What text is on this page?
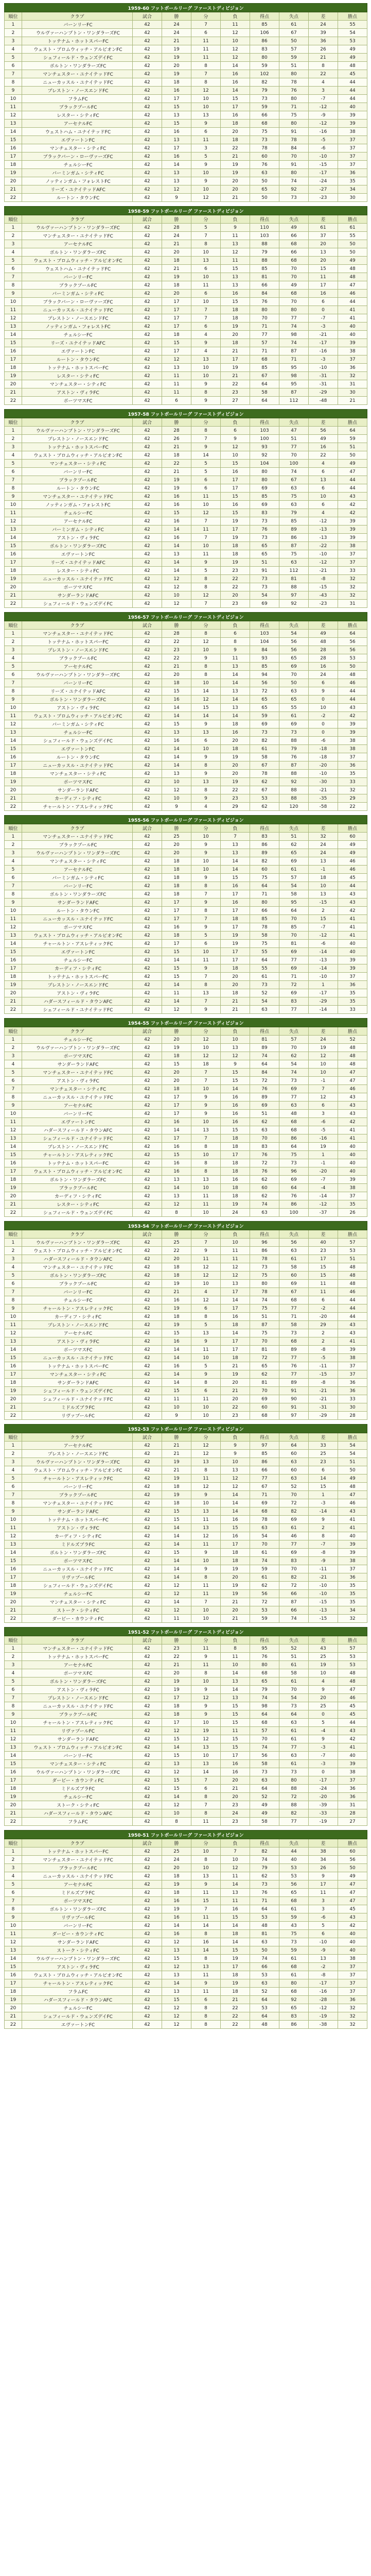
1959-60 フットボールリーグ ファーストディビジョン									
順位	クラブ	試合	勝	分	負	得点	失点	差	勝点
1	バーンリーFC	42	24	7	11	85	61	24	55
2	ウルヴァーハンプトン・ワンダラーズFC	42	24	6	12	106	67	39	54
3	トッテナム・ホットスパーFC	42	21	11	10	86	50	36	53
4	ウェスト・ブロムウィッチ・アルビオンFC	42	19	11	12	83	57	26	49
5	シェフィールド・ウェンズデイFC	42	19	11	12	80	59	21	49
6	ボルトン・ワンダラーズFC	42	20	8	14	59	51	8	48
7	マンチェスター・ユナイテッドFC	42	19	7	16	102	80	22	45
8	ニューカッスル・ユナイテッドFC	42	18	8	16	82	78	4	44
9	プレストン・ノースエンドFC	42	16	12	14	79	76	3	44
10	フラムFC	42	17	10	15	73	80	-7	44
11	ブラックプールFC	42	15	10	17	59	71	-12	40
12	レスター・シティFC	42	13	13	16	66	75	-9	39
13	アーセナルFC	42	15	9	18	68	80	-12	39
14	ウェストハム・ユナイテッドFC	42	16	6	20	75	91	-16	38
15	エヴァートンFC	42	13	11	18	73	78	-5	37
16	マンチェスター・シティFC	42	17	3	22	78	84	-6	37
17	ブラックバーン・ローヴァーズFC	42	16	5	21	60	70	-10	37
18	チェルシーFC	42	14	9	19	76	91	-15	37
19	バーミンガム・シティFC	42	13	10	19	63	80	-17	36
20	ノッティンガム・フォレストFC	42	13	9	20	50	74	-24	35
21	リーズ・ユナイテッドAFC	42	12	10	20	65	92	-27	34
22	ルートン・タウンFC	42	9	12	21	50	73	-23	30
1958-59 フットボールリーグ ファーストディビジョン									
順位	クラブ	試合	勝	分	負	得点	失点	差	勝点
1	ウルヴァーハンプトン・ワンダラーズFC	42	28	5	9	110	49	61	61
2	マンチェスター・ユナイテッドFC	42	24	7	11	103	66	37	55
3	アーセナルFC	42	21	8	13	88	68	20	50
4	ボルトン・ワンダラーズFC	42	20	10	12	79	66	13	50
5	ウェスト・ブロムウィッチ・アルビオンFC	42	18	13	11	88	68	20	49
6	ウェストハム・ユナイテッドFC	42	21	6	15	85	70	15	48
7	バーンリーFC	42	19	10	13	81	70	11	48
8	ブラックプールFC	42	18	11	13	66	49	17	47
9	バーミンガム・シティFC	42	20	6	16	84	68	16	46
10	ブラックバーン・ローヴァーズFC	42	17	10	15	76	70	6	44
11	ニューカッスル・ユナイテッドFC	42	17	7	18	80	80	0	41
12	プレストン・ノースエンドFC	42	17	7	18	70	77	-7	41
13	ノッティンガム・フォレストFC	42	17	6	19	71	74	-3	40
14	チェルシーFC	42	18	4	20	77	98	-21	40
15	リーズ・ユナイテッドAFC	42	15	9	18	57	74	-17	39
16	エヴァートンFC	42	17	4	21	71	87	-16	38
17	ルートン・タウンFC	42	12	13	17	68	71	-3	37
18	トッテナム・ホットスパーFC	42	13	10	19	85	95	-10	36
19	レスター・シティFC	42	11	10	21	67	98	-31	32
20	マンチェスター・シティFC	42	11	9	22	64	95	-31	31
21	アストン・ヴィラFC	42	11	8	23	58	87	-29	30
22	ポーツマスFC	42	6	9	27	64	112	-48	21
1957-58 フットボールリーグ ファーストディビジョン									
順位	クラブ	試合	勝	分	負	得点	失点	差	勝点
1	ウルヴァーハンプトン・ワンダラーズFC	42	28	8	6	103	47	56	64
2	プレストン・ノースエンドFC	42	26	7	9	100	51	49	59
3	トッテナム・ホットスパーFC	42	21	9	12	93	77	16	51
4	ウェスト・ブロムウィッチ・アルビオンFC	42	18	14	10	92	70	22	50
5	マンチェスター・シティFC	42	22	5	15	104	100	4	49
6	バーンリーFC	42	21	5	16	80	74	6	47
7	ブラックプールFC	42	19	6	17	80	67	13	44
8	ルートン・タウンFC	42	19	6	17	69	63	6	44
9	マンチェスター・ユナイテッドFC	42	16	11	15	85	75	10	43
10	ノッティンガム・フォレストFC	42	16	10	16	69	63	6	42
11	チェルシーFC	42	15	12	15	83	79	4	42
12	アーセナルFC	42	16	7	19	73	85	-12	39
13	バーミンガム・シティFC	42	14	11	17	76	89	-13	39
14	アストン・ヴィラFC	42	16	7	19	73	86	-13	39
15	ボルトン・ワンダラーズFC	42	14	10	18	65	87	-22	38
16	エヴァートンFC	42	13	11	18	65	75	-10	37
17	リーズ・ユナイテッドAFC	42	14	9	19	51	63	-12	37
18	レスター・シティFC	42	14	5	23	91	112	-21	33
19	ニューカッスル・ユナイテッドFC	42	12	8	22	73	81	-8	32
20	ポーツマスFC	42	12	8	22	73	88	-15	32
21	サンダーランドAFC	42	10	12	20	54	97	-43	32
22	シェフィールド・ウェンズデイFC	42	12	7	23	69	92	-23	31
1956-57 フットボールリーグ ファーストディビジョン									
順位	クラブ	試合	勝	分	負	得点	失点	差	勝点
1	マンチェスター・ユナイテッドFC	42	28	8	6	103	54	49	64
2	トッテナム・ホットスパーFC	42	22	12	8	104	56	48	56
3	プレストン・ノースエンドFC	42	23	10	9	84	56	28	56
4	ブラックプールFC	42	22	9	11	93	65	28	53
5	アーセナルFC	42	21	8	13	85	69	16	50
6	ウルヴァーハンプトン・ワンダラーズFC	42	20	8	14	94	70	24	48
7	バーンリーFC	42	18	10	14	56	50	6	46
8	リーズ・ユナイテッドAFC	42	15	14	13	72	63	9	44
9	ボルトン・ワンダラーズFC	42	16	12	14	65	65	0	44
10	アストン・ヴィラFC	42	14	15	13	65	55	10	43
11	ウェスト・ブロムウィッチ・アルビオンFC	42	14	14	14	59	61	-2	42
12	バーミンガム・シティFC	42	15	9	18	69	69	0	39
13	チェルシーFC	42	13	13	16	73	73	0	39
14	シェフィールド・ウェンズデイFC	42	16	6	20	82	88	-6	38
15	エヴァートンFC	42	14	10	18	61	79	-18	38
16	ルートン・タウンFC	42	14	9	19	58	76	-18	37
17	ニューカッスル・ユナイテッドFC	42	14	8	20	67	87	-20	36
18	マンチェスター・シティFC	42	13	9	20	78	88	-10	35
19	ポーツマスFC	42	10	13	19	62	92	-30	33
20	サンダーランドAFC	42	12	8	22	67	88	-21	32
21	カーディフ・シティFC	42	10	9	23	53	88	-35	29
22	チャールトン・アスレティックFC	42	9	4	29	62	120	-58	22
1955-56 フットボールリーグ ファーストディビジョン									
順位	クラブ	試合	勝	分	負	得点	失点	差	勝点
1	マンチェスター・ユナイテッドFC	42	25	10	7	83	51	32	60
2	ブラックプールFC	42	20	9	13	86	62	24	49
3	ウルヴァーハンプトン・ワンダラーズFC	42	20	9	13	89	65	24	49
4	マンチェスター・シティFC	42	18	10	14	82	69	13	46
5	アーセナルFC	42	18	10	14	60	61	-1	46
6	バーミンガム・シティFC	42	18	9	15	75	57	18	45
7	バーンリーFC	42	18	8	16	64	54	10	44
8	ボルトン・ワンダラーズFC	42	18	7	17	71	58	13	43
9	サンダーランドAFC	42	17	9	16	80	95	-15	43
10	ルートン・タウンFC	42	17	8	17	66	64	2	42
11	ニューカッスル・ユナイテッドFC	42	17	7	18	85	70	15	41
12	ポーツマスFC	42	16	9	17	78	85	-7	41
13	ウェスト・ブロムウィッチ・アルビオンFC	42	18	5	19	58	70	-12	41
14	チャールトン・アスレティックFC	42	17	6	19	75	81	-6	40
15	エヴァートンFC	42	15	10	17	55	69	-14	40
16	チェルシーFC	42	14	11	17	64	77	-13	39
17	カーディフ・シティFC	42	15	9	18	55	69	-14	39
18	トッテナム・ホットスパーFC	42	15	7	20	61	71	-10	37
19	プレストン・ノースエンドFC	42	14	8	20	73	72	1	36
20	アストン・ヴィラFC	42	11	13	18	52	69	-17	35
21	ハダースフィールド・タウンAFC	42	14	7	21	54	83	-29	35
22	シェフィールド・ユナイテッドFC	42	12	9	21	63	77	-14	33
1954-55 フットボールリーグ ファーストディビジョン									
順位	クラブ	試合	勝	分	負	得点	失点	差	勝点
1	チェルシーFC	42	20	12	10	81	57	24	52
2	ウルヴァーハンプトン・ワンダラーズFC	42	19	10	13	89	70	19	48
3	ポーツマスFC	42	18	12	12	74	62	12	48
4	サンダーランドAFC	42	15	18	9	64	54	10	48
5	マンチェスター・ユナイテッドFC	42	20	7	15	84	74	10	47
6	アストン・ヴィラFC	42	20	7	15	72	73	-1	47
7	マンチェスター・シティFC	42	18	10	14	76	69	7	46
8	ニューカッスル・ユナイテッドFC	42	17	9	16	89	77	12	43
9	アーセナルFC	42	17	9	16	69	63	6	43
10	バーンリーFC	42	17	9	16	51	48	3	43
11	エヴァートンFC	42	16	10	16	62	68	-6	42
12	ハダースフィールド・タウンAFC	42	14	13	15	63	68	-5	41
13	シェフィールド・ユナイテッドFC	42	17	7	18	70	86	-16	41
14	プレストン・ノースエンドFC	42	16	8	18	83	64	19	40
15	チャールトン・アスレティックFC	42	15	10	17	76	75	1	40
16	トッテナム・ホットスパーFC	42	16	8	18	72	73	-1	40
17	ウェスト・ブロムウィッチ・アルビオンFC	42	16	8	18	76	96	-20	40
18	ボルトン・ワンダラーズFC	42	13	13	16	62	69	-7	39
19	ブラックプールFC	42	14	10	18	60	64	-4	38
20	カーディフ・シティFC	42	13	11	18	62	76	-14	37
21	レスター・シティFC	42	12	11	19	74	86	-12	35
22	シェフィールド・ウェンズデイFC	42	8	10	24	63	100	-37	26
1953-54 フットボールリーグ ファーストディビジョン									
順位	クラブ	試合	勝	分	負	得点	失点	差	勝点
1	ウルヴァーハンプトン・ワンダラーズFC	42	25	7	10	96	56	40	57
2	ウェスト・ブロムウィッチ・アルビオンFC	42	22	9	11	86	63	23	53
3	ハダースフィールド・タウンAFC	42	20	11	11	78	61	17	51
4	マンチェスター・ユナイテッドFC	42	18	12	12	73	58	15	48
5	ボルトン・ワンダラーズFC	42	18	12	12	75	60	15	48
6	ブラックプールFC	42	19	10	13	80	69	11	48
7	バーンリーFC	42	21	4	17	78	67	11	46
8	チェルシーFC	42	16	12	14	74	68	6	44
9	チャールトン・アスレティックFC	42	19	6	17	75	77	-2	44
10	カーディフ・シティFC	42	18	8	16	51	71	-20	44
11	プレストン・ノースエンドFC	42	19	5	18	87	58	29	43
12	アーセナルFC	42	15	13	14	75	73	2	43
13	アストン・ヴィラFC	42	16	9	17	70	68	2	41
14	ポーツマスFC	42	14	11	17	81	89	-8	39
15	ニューカッスル・ユナイテッドFC	42	14	10	18	72	77	-5	38
16	トッテナム・ホットスパーFC	42	16	5	21	65	76	-11	37
17	マンチェスター・シティFC	42	14	9	19	62	77	-15	37
18	サンダーランドAFC	42	14	8	20	81	89	-8	36
19	シェフィールド・ウェンズデイFC	42	15	6	21	70	91	-21	36
20	シェフィールド・ユナイテッドFC	42	11	11	20	69	90	-21	33
21	ミドルズブラFC	42	10	10	22	60	91	-31	30
22	リヴァプールFC	42	9	10	23	68	97	-29	28
1952-53 フットボールリーグ ファーストディビジョン									
順位	クラブ	試合	勝	分	負	得点	失点	差	勝点
1	アーセナルFC	42	21	12	9	97	64	33	54
2	プレストン・ノースエンドFC	42	21	12	9	85	60	25	54
3	ウルヴァーハンプトン・ワンダラーズFC	42	19	13	10	86	63	23	51
4	ウェスト・ブロムウィッチ・アルビオンFC	42	21	8	13	66	60	6	50
5	チャールトン・アスレティックFC	42	19	11	12	77	63	14	49
6	バーンリーFC	42	18	12	12	67	52	15	48
7	ブラックプールFC	42	19	9	14	71	70	1	47
8	マンチェスター・ユナイテッドFC	42	18	10	14	69	72	-3	46
9	サンダーランドAFC	42	15	13	14	68	82	-14	43
10	トッテナム・ホットスパーFC	42	15	11	16	78	69	9	41
11	アストン・ヴィラFC	42	14	13	15	63	61	2	41
12	カーディフ・シティFC	42	14	12	16	54	46	8	40
13	ミドルズブラFC	42	14	11	17	70	77	-7	39
14	ボルトン・ワンダラーズFC	42	15	9	18	61	69	-8	39
15	ポーツマスFC	42	14	10	18	74	83	-9	38
16	ニューカッスル・ユナイテッドFC	42	14	9	19	59	70	-11	37
17	リヴァプールFC	42	14	8	20	61	82	-21	36
18	シェフィールド・ウェンズデイFC	42	12	11	19	62	72	-10	35
19	チェルシーFC	42	12	11	19	56	66	-10	35
20	マンチェスター・シティFC	42	14	7	21	72	87	-15	35
21	ストーク・シティFC	42	12	10	20	53	66	-13	34
22	ダービー・カウンティFC	42	11	10	21	59	74	-15	32
1951-52 フットボールリーグ ファーストディビジョン									
順位	クラブ	試合	勝	分	負	得点	失点	差	勝点
1	マンチェスター・ユナイテッドFC	42	23	11	8	95	52	43	57
2	トッテナム・ホットスパーFC	42	22	9	11	76	51	25	53
3	アーセナルFC	42	21	11	10	80	61	19	53
4	ポーツマスFC	42	20	8	14	68	58	10	48
5	ボルトン・ワンダラーズFC	42	19	10	13	65	61	4	48
6	アストン・ヴィラFC	42	19	9	14	79	70	9	47
7	プレストン・ノースエンドFC	42	17	12	13	74	54	20	46
8	ニューカッスル・ユナイテッドFC	42	18	9	15	98	73	25	45
9	ブラックプールFC	42	18	9	15	64	64	0	45
10	チャールトン・アスレティックFC	42	17	10	15	68	63	5	44
11	リヴァプールFC	42	12	19	11	57	61	-4	43
12	サンダーランドAFC	42	15	12	15	70	61	9	42
13	ウェスト・ブロムウィッチ・アルビオンFC	42	14	13	15	74	77	-3	41
14	バーンリーFC	42	15	10	17	56	63	-7	40
15	マンチェスター・シティFC	42	13	13	16	58	61	-3	39
16	ウルヴァーハンプトン・ワンダラーズFC	42	12	14	16	73	73	0	38
17	ダービー・カウンティFC	42	15	7	20	63	80	-17	37
18	ミドルズブラFC	42	15	6	21	64	88	-24	36
19	チェルシーFC	42	14	8	20	52	72	-20	36
20	ストーク・シティFC	42	12	7	23	49	88	-39	31
21	ハダースフィールド・タウンAFC	42	10	8	24	49	82	-33	28
22	フラムFC	42	8	11	23	58	77	-19	27
1950-51 フットボールリーグ ファーストディビジョン									
順位	クラブ	試合	勝	分	負	得点	失点	差	勝点
1	トッテナム・ホットスパーFC	42	25	10	7	82	44	38	60
2	マンチェスター・ユナイテッドFC	42	24	8	10	74	40	34	56
3	ブラックプールFC	42	20	10	12	79	53	26	50
4	ニューカッスル・ユナイテッドFC	42	18	13	11	62	53	9	49
5	アーセナルFC	42	19	9	14	73	56	17	47
6	ミドルズブラFC	42	18	11	13	76	65	11	47
7	ポーツマスFC	42	16	15	11	71	68	3	47
8	ボルトン・ワンダラーズFC	42	19	7	16	64	61	3	45
9	リヴァプールFC	42	16	11	15	53	59	-6	43
10	バーンリーFC	42	14	14	14	48	43	5	42
11	ダービー・カウンティFC	42	16	8	18	81	75	6	40
12	サンダーランドAFC	42	12	16	14	63	73	-10	40
13	ストーク・シティFC	42	13	14	15	50	59	-9	40
14	ウルヴァーハンプトン・ワンダラーズFC	42	15	8	19	74	61	13	38
15	アストン・ヴィラFC	42	12	13	17	66	68	-2	37
16	ウェスト・ブロムウィッチ・アルビオンFC	42	13	11	18	53	61	-8	37
17	チャールトン・アスレティックFC	42	14	9	19	63	80	-17	37
18	フラムFC	42	13	11	18	52	68	-16	37
19	ハダースフィールド・タウンAFC	42	15	6	21	64	92	-28	36
20	チェルシーFC	42	12	8	22	53	65	-12	32
21	シェフィールド・ウェンズデイFC	42	12	8	22	64	83	-19	32
22	エヴァートンFC	42	12	8	22	48	86	-38	32
